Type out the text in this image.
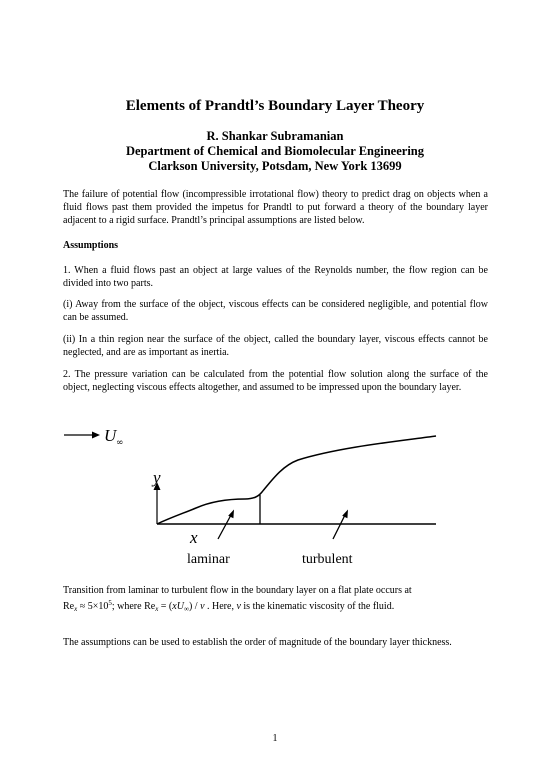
Elements of Prandtl’s Boundary Layer Theory
R. Shankar Subramanian
Department of Chemical and Biomolecular Engineering
Clarkson University, Potsdam, New York 13699
The failure of potential flow (incompressible irrotational flow) theory to predict drag on objects when a fluid flows past them provided the impetus for Prandtl to put forward a theory of the boundary layer adjacent to a rigid surface. Prandtl’s principal assumptions are listed below.
Assumptions
1. When a fluid flows past an object at large values of the Reynolds number, the flow region can be divided into two parts.
(i) Away from the surface of the object, viscous effects can be considered negligible, and potential flow can be assumed.
(ii) In a thin region near the surface of the object, called the boundary layer, viscous effects cannot be neglected, and are as important as inertia.
2. The pressure variation can be calculated from the potential flow solution along the surface of the object, neglecting viscous effects altogether, and assumed to be impressed upon the boundary layer.
U ∞
y
x
laminar	turbulent
Transition from laminar to turbulent flow in the boundary layer on a flat plate occurs at
$Re_x \approx 5\times 10^5$; where $Re_x = (xU_\infty) / \nu$ . Here, ν is the kinematic viscosity of the fluid.
The assumptions can be used to establish the order of magnitude of the boundary layer thickness.
1
